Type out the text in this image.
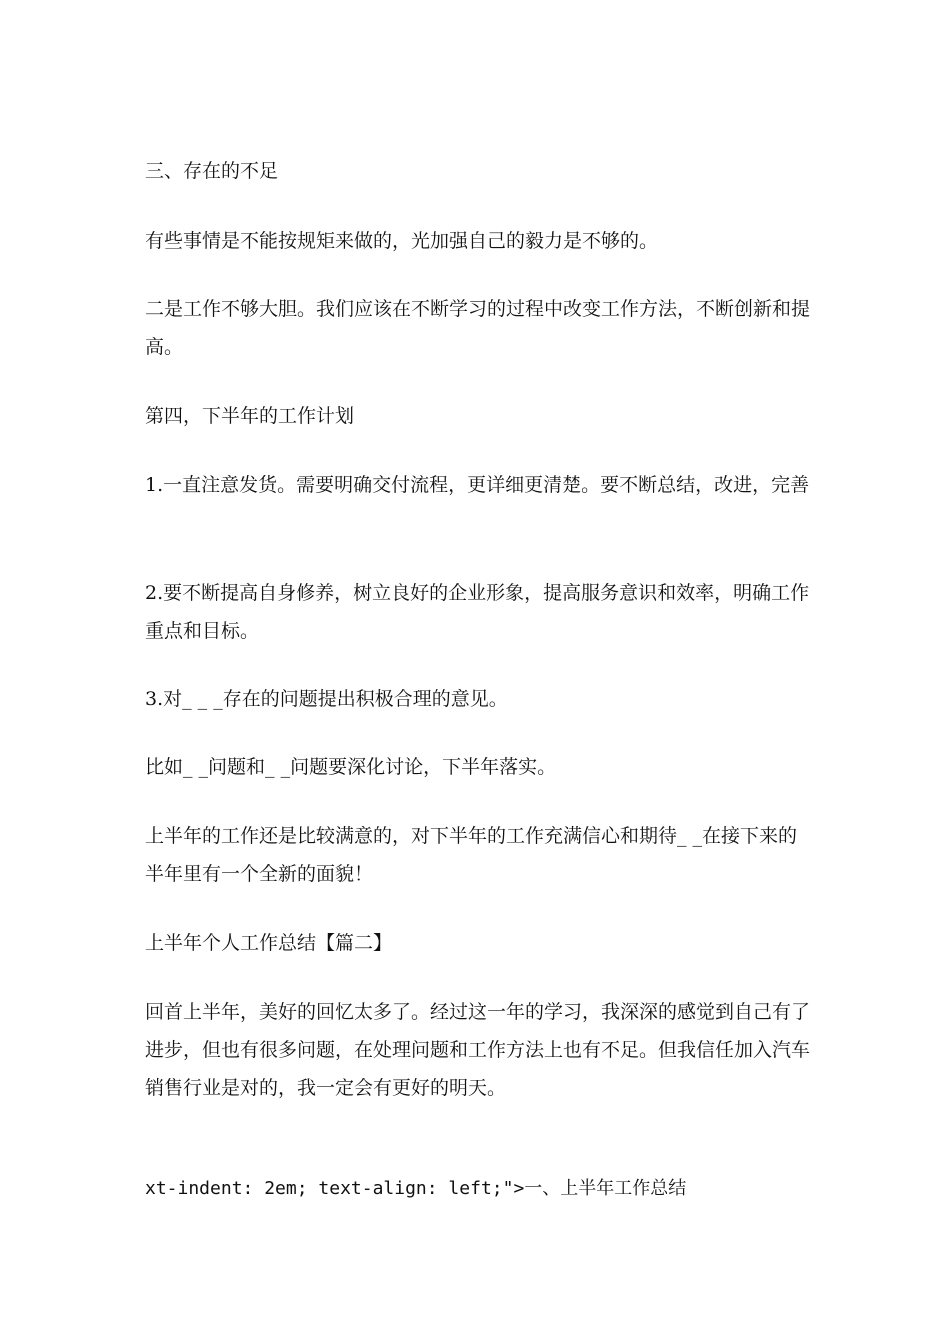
三、存在的不足

有些事情是不能按规矩来做的，光加强自己的毅力是不够的。

二是工作不够大胆。我们应该在不断学习的过程中改变工作方法，不断创新和提高。

第四，下半年的工作计划

1.一直注意发货。需要明确交付流程，更详细更清楚。要不断总结，改进，完善

2.要不断提高自身修养，树立良好的企业形象，提高服务意识和效率，明确工作重点和目标。

3.对_ _ _存在的问题提出积极合理的意见。

比如_ _问题和_ _问题要深化讨论，下半年落实。

上半年的工作还是比较满意的，对下半年的工作充满信心和期待_ _在接下来的半年里有一个全新的面貌！

上半年个人工作总结【篇二】

回首上半年，美好的回忆太多了。经过这一年的学习，我深深的感觉到自己有了进步，但也有很多问题，在处理问题和工作方法上也有不足。但我信任加入汽车销售行业是对的，我一定会有更好的明天。

xt-indent: 2em; text-align: left;">一、上半年工作总结
